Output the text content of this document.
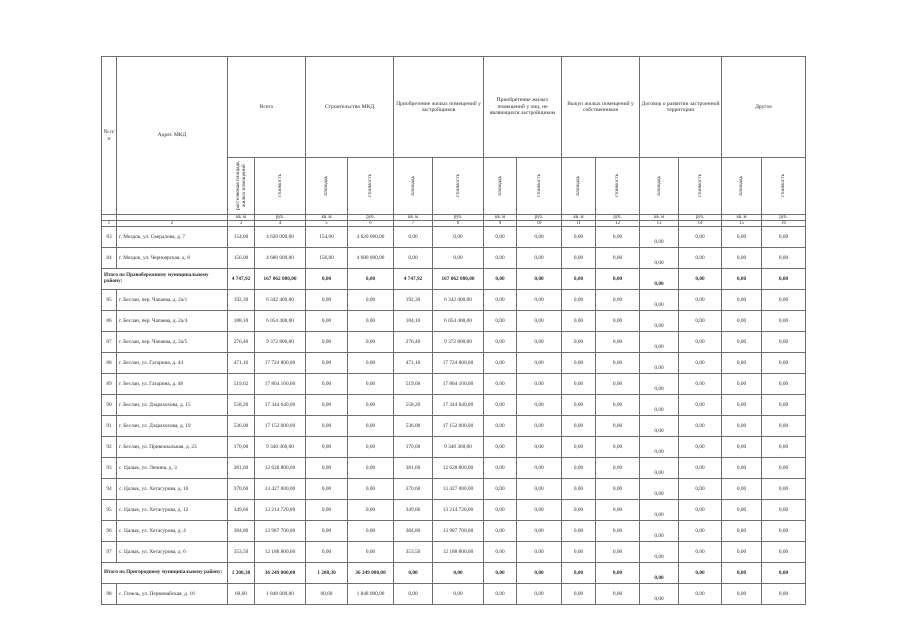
№ п/п	Адрес МКД	Всего		Строительство МКД		Приобретение жилых помещений у застройщиков		Приобретение жилых помещений у лиц, не являющихся застройщиком		Выкуп жилых помещений у собственников		Договор о развитии застроенной территории		Другое	

		расселяемая площадь жилых помещений	стоимость	площадь	стоимость	площадь	стоимость	площадь	стоимость	площадь	стоимость	площадь	стоимость	площадь	стоимость

		кв. м	руб.	кв. м	руб.	кв. м	руб.	кв. м	руб.	кв. м	руб.	кв. м	руб.	кв. м	руб.
1	2	3	4	5	6	7	8	9	10	11	12	13	14	15	16
83	г. Моздок, ул. Свердлова, д. 7	154,00	4 620 000,00	154,00	4 620 000,00	0,00	0,00	0,00	0,00	0,00	0,00	0,00	0,00	0,00	0,00
84	г. Моздок, ул. Черноярская, д. 8	156,00	4 680 000,00	156,00	4 680 000,00	0,00	0,00	0,00	0,00	0,00	0,00	0,00	0,00	0,00	0,00
Итого по Правобережному муниципальному району:		4 747,92	167 062 080,00	0,00	0,00	4 747,92	167 062 080,00	0,00	0,00	0,00	0,00	0,00	0,00	0,00	0,00
85	г. Беслан, пер. Чапаева, д. 2а/1	192,30	6 342 400,00	0,00	0,00	192,30	6 342 400,00	0,00	0,00	0,00	0,00	0,00	0,00	0,00	0,00
86	г. Беслан, пер. Чапаева, д. 2а/4	188,10	6 054 400,00	0,00	0,00	184,10	6 054 400,00	0,00	0,00	0,00	0,00	0,00	0,00	0,00	0,00
87	г. Беслан, пер. Чапаева, д. 2а/5	276,40	9 372 800,00	0,00	0,00	276,40	9 372 800,00	0,00	0,00	0,00	0,00	0,00	0,00	0,00	0,00
88	г. Беслан, ул. Гагарина, д. 44	471,16	17 724 800,00	0,00	0,00	471,16	17 724 800,00	0,00	0,00	0,00	0,00	0,00	0,00	0,00	0,00
89	г. Беслан, ул. Гагарина, д. 48	519,62	17 864 160,00	0,00	0,00	519,60	17 864 160,00	0,00	0,00	0,00	0,00	0,00	0,00	0,00	0,00
90	г. Беслан, ул. Дзарахохова, д. 15	558,20	17 344 640,00	0,00	0,00	558,20	17 344 640,00	0,00	0,00	0,00	0,00	0,00	0,00	0,00	0,00
91	г. Беслан, ул. Дзарахохова, д. 19	536,00	17 152 000,00	0,00	0,00	536,00	17 152 000,00	0,00	0,00	0,00	0,00	0,00	0,00	0,00	0,00
92	г. Беслан, ул. Привокзальная, д. 23	170,00	9 340 360,00	0,00	0,00	170,00	9 340 360,00	0,00	0,00	0,00	0,00	0,00	0,00	0,00	0,00
93	с. Цалык, ул. Ленина, д. 3	381,60	12 628 800,00	0,00	0,00	381,60	12 628 800,00	0,00	0,00	0,00	0,00	0,00	0,00	0,00	0,00
94	с. Цалык, ул. Хетагурова, д. 10	370,60	13 427 000,00	0,00	0,00	370,60	13 427 000,00	0,00	0,00	0,00	0,00	0,00	0,00	0,00	0,00
95	с. Цалык, ул. Хетагурова, д. 12	349,66	13 214 720,00	0,00	0,00	349,66	13 214 720,00	0,00	0,00	0,00	0,00	0,00	0,00	0,00	0,00
96	с. Цалык, ул. Хетагурова, д. 4	384,80	13 987 700,00	0,00	0,00	384,80	13 987 700,00	0,00	0,00	0,00	0,00	0,00	0,00	0,00	0,00
97	с. Цалык, ул. Хетагурова, д. 6	353,50	12 188 800,00	0,00	0,00	353,50	12 188 800,00	0,00	0,00	0,00	0,00	0,00	0,00	0,00	0,00
Итого по Пригородному муниципальному району:		1 208,30	36 249 000,00	1 208,30	36 249 000,00	0,00	0,00	0,00	0,00	0,00	0,00	0,00	0,00	0,00	0,00
98	с. Гизель, ул. Первомайская, д. 16	60,60	1 848 000,00	60,60	1 848 000,00	0,00	0,00	0,00	0,00	0,00	0,00	0,00	0,00	0,00	0,00
